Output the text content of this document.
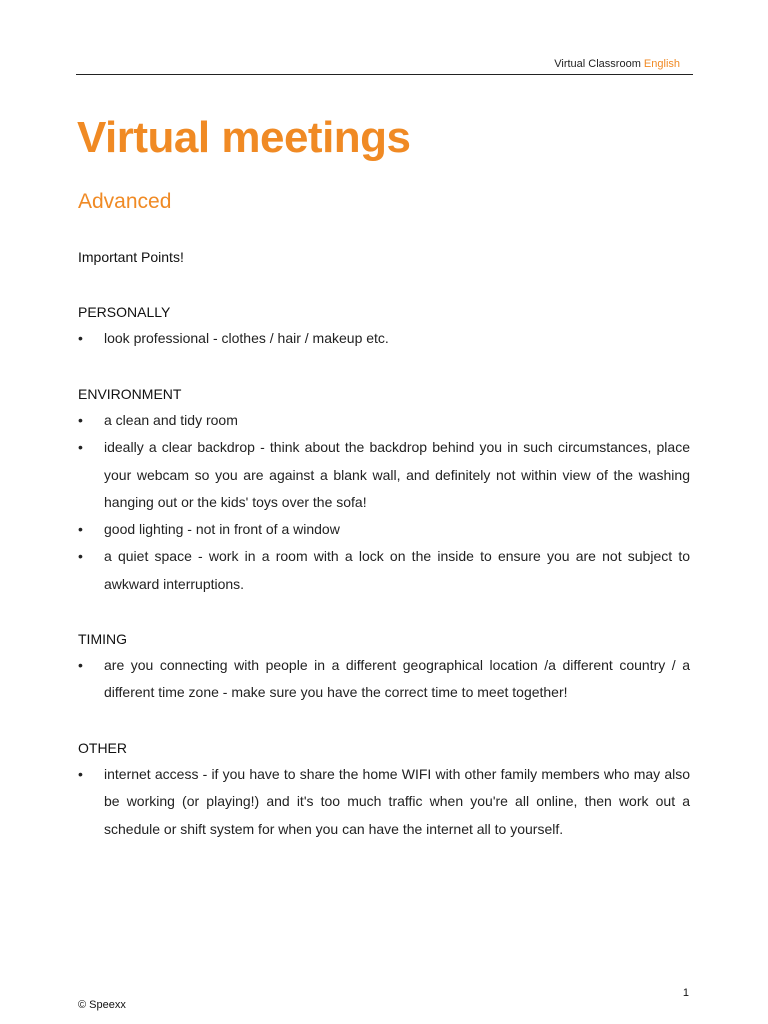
Virtual Classroom English
Virtual meetings
Advanced
Important Points!
PERSONALLY
• look professional - clothes / hair / makeup etc.
ENVIRONMENT
• a clean and tidy room
• ideally a clear backdrop - think about the backdrop behind you in such circumstances, place your webcam so you are against a blank wall, and definitely not within view of the washing hanging out or the kids' toys over the sofa!
• good lighting - not in front of a window
• a quiet space - work in a room with a lock on the inside to ensure you are not subject to awkward interruptions.
TIMING
• are you connecting with people in a different geographical location /a different country / a different time zone - make sure you have the correct time to meet together!
OTHER
• internet access - if you have to share the home WIFI with other family members who may also be working (or playing!) and it's too much traffic when you're all online, then work out a schedule or shift system for when you can have the internet all to yourself.
© Speexx
1
